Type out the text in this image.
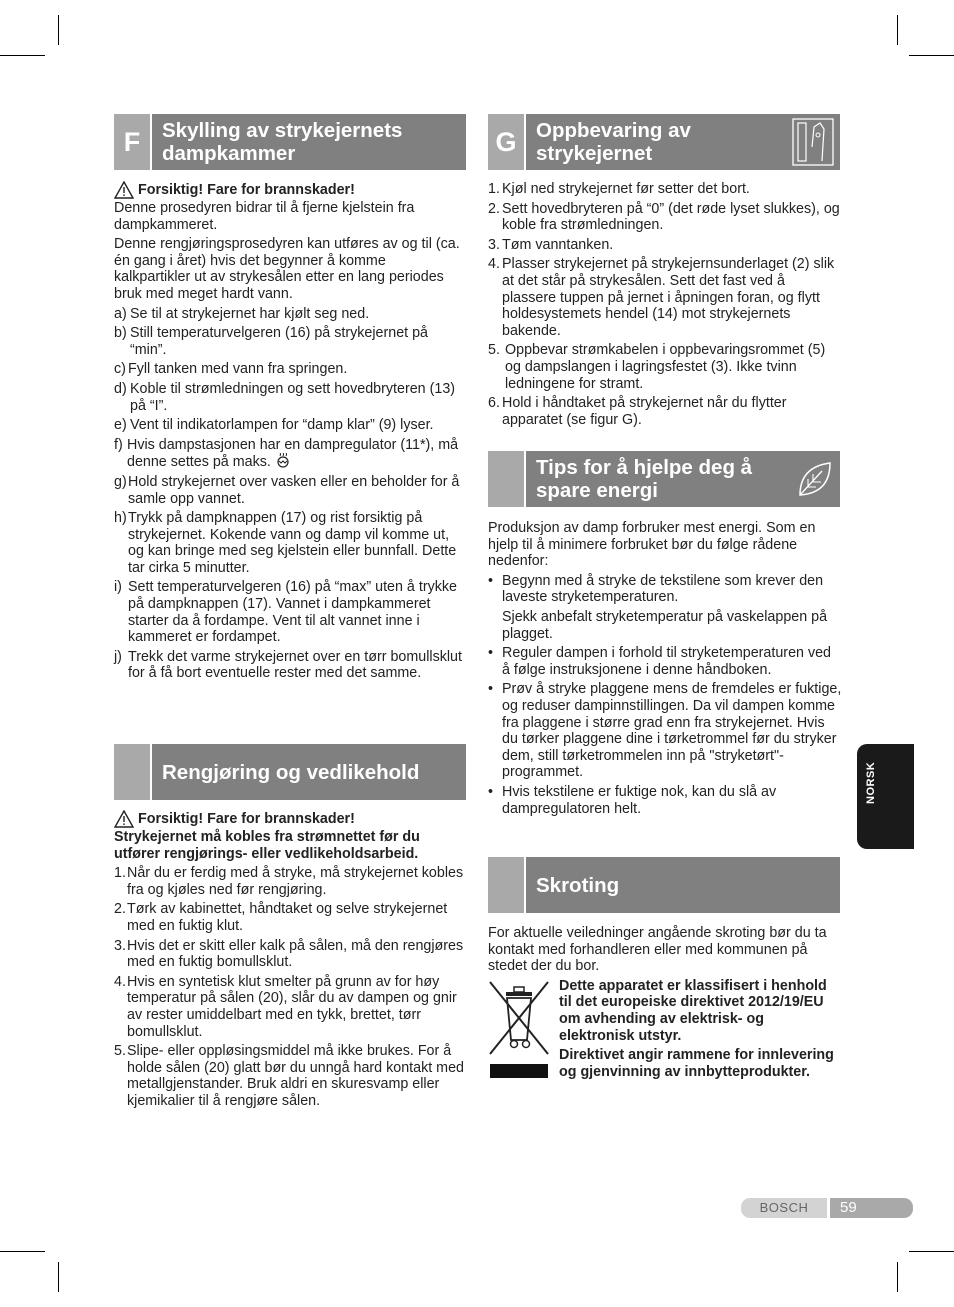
F	Skylling av strykejernets dampkammer
Forsiktig! Fare for brannskader!

Denne prosedyren bidrar til å fjerne kjelstein fra dampkammeret.

Denne rengjøringsprosedyren kan utføres av og til (ca. én gang i året) hvis det begynner å komme kalkpartikler ut av strykesålen etter en lang periodes bruk med meget hardt vann.

a) Se til at strykejernet har kjølt seg ned.
b) Still temperaturvelgeren (16) på strykejernet på “min”.
c) Fyll tanken med vann fra springen.
d) Koble til strømledningen og sett hovedbryteren (13) på “I”.
e) Vent til indikatorlampen for “damp klar” (9) lyser.
f) Hvis dampstasjonen har en dampregulator (11*), må denne settes på maks.
g) Hold strykejernet over vasken eller en beholder for å samle opp vannet.
h) Trykk på dampknappen (17) og rist forsiktig på strykejernet. Kokende vann og damp vil komme ut, og kan bringe med seg kjelstein eller bunnfall. Dette tar cirka 5 minutter.
i) Sett temperaturvelgeren (16) på “max” uten å trykke på dampknappen (17). Vannet i dampkammeret starter da å fordampe. Vent til alt vannet inne i kammeret er fordampet.
j) Trekk det varme strykejernet over en tørr bomullsklut for å få bort eventuelle rester med det samme.
Rengjøring og vedlikehold
Forsiktig! Fare for brannskader!

Strykejernet må kobles fra strømnettet før du utfører rengjørings- eller vedlikeholdsarbeid.

1. Når du er ferdig med å stryke, må strykejernet kobles fra og kjøles ned før rengjøring.
2. Tørk av kabinettet, håndtaket og selve strykejernet med en fuktig klut.
3. Hvis det er skitt eller kalk på sålen, må den rengjøres med en fuktig bomullsklut.
4. Hvis en syntetisk klut smelter på grunn av for høy temperatur på sålen (20), slår du av dampen og gnir av rester umiddelbart med en tykk, brettet, tørr bomullsklut.
5. Slipe- eller oppløsingsmiddel må ikke brukes. For å holde sålen (20) glatt bør du unngå hard kontakt med metallgjenstander. Bruk aldri en skuresvamp eller kjemikalier til å rengjøre sålen.
G Oppbevaring av strykejernet
1. Kjøl ned strykejernet før setter det bort.
2. Sett hovedbryteren på “0” (det røde lyset slukkes), og koble fra strømledningen.
3. Tøm vanntanken.
4. Plasser strykejernet på strykejernsunderlaget (2) slik at det står på strykesålen. Sett det fast ved å plassere tuppen på jernet i åpningen foran, og flytt holdesystemets hendel (14) mot strykejernets bakende.
5. Oppbevar strømkabelen i oppbevaringsrommet (5) og dampslangen i lagringsfestet (3). Ikke tvinn ledningene for stramt.
6. Hold i håndtaket på strykejernet når du flytter apparatet (se figur G).
Tips for å hjelpe deg å spare energi

Produksjon av damp forbruker mest energi. Som en hjelp til å minimere forbruket bør du følge rådene nedenfor:

• Begynn med å stryke de tekstilene som krever den laveste stryketemperaturen.

Sjekk anbefalt stryketemperatur på vaskelappen på plagget.
• Reguler dampen i forhold til stryketemperaturen ved å følge instruksjonene i denne håndboken.
• Prøv å stryke plaggene mens de fremdeles er fuktige, og reduser dampinnstillingen. Da vil dampen komme fra plaggene i større grad enn fra strykejernet. Hvis du tørker plaggene dine i tørketrommel før du stryker dem, still tørketrommelen inn på "stryketørt"-programmet.
• Hvis tekstilene er fuktige nok, kan du slå av dampregulatoren helt.
Skroting

For aktuelle veiledninger angående skroting bør du ta kontakt med forhandleren eller med kommunen på stedet der du bor.

Dette apparatet er klassifisert i henhold til det europeiske direktivet 2012/19/EU om avhending av elektrisk- og elektronisk utstyr.

Direktivet angir rammene for innlevering og gjenvinning av innbytteprodukter.

NORSK
BOSCH	59
